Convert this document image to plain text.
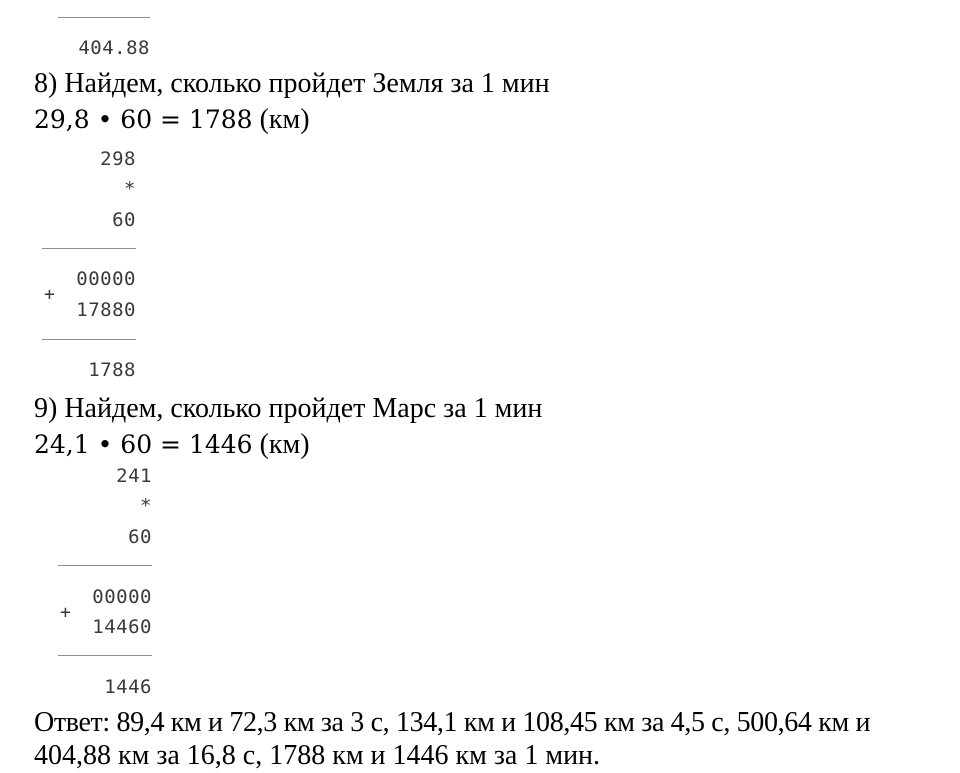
404.88
8) Найдем, сколько пройдет Земля за 1 мин
29,8 • 60 = 1788 (км)
298
*
60
00000
+
17880
1788
9) Найдем, сколько пройдет Марс за 1 мин
24,1 • 60 = 1446 (км)
241
*
60
00000
+
14460
1446
Ответ: 89,4 км и 72,3 км за 3 с, 134,1 км и 108,45 км за 4,5 с, 500,64 км и
404,88 км за 16,8 с, 1788 км и 1446 км за 1 мин.
